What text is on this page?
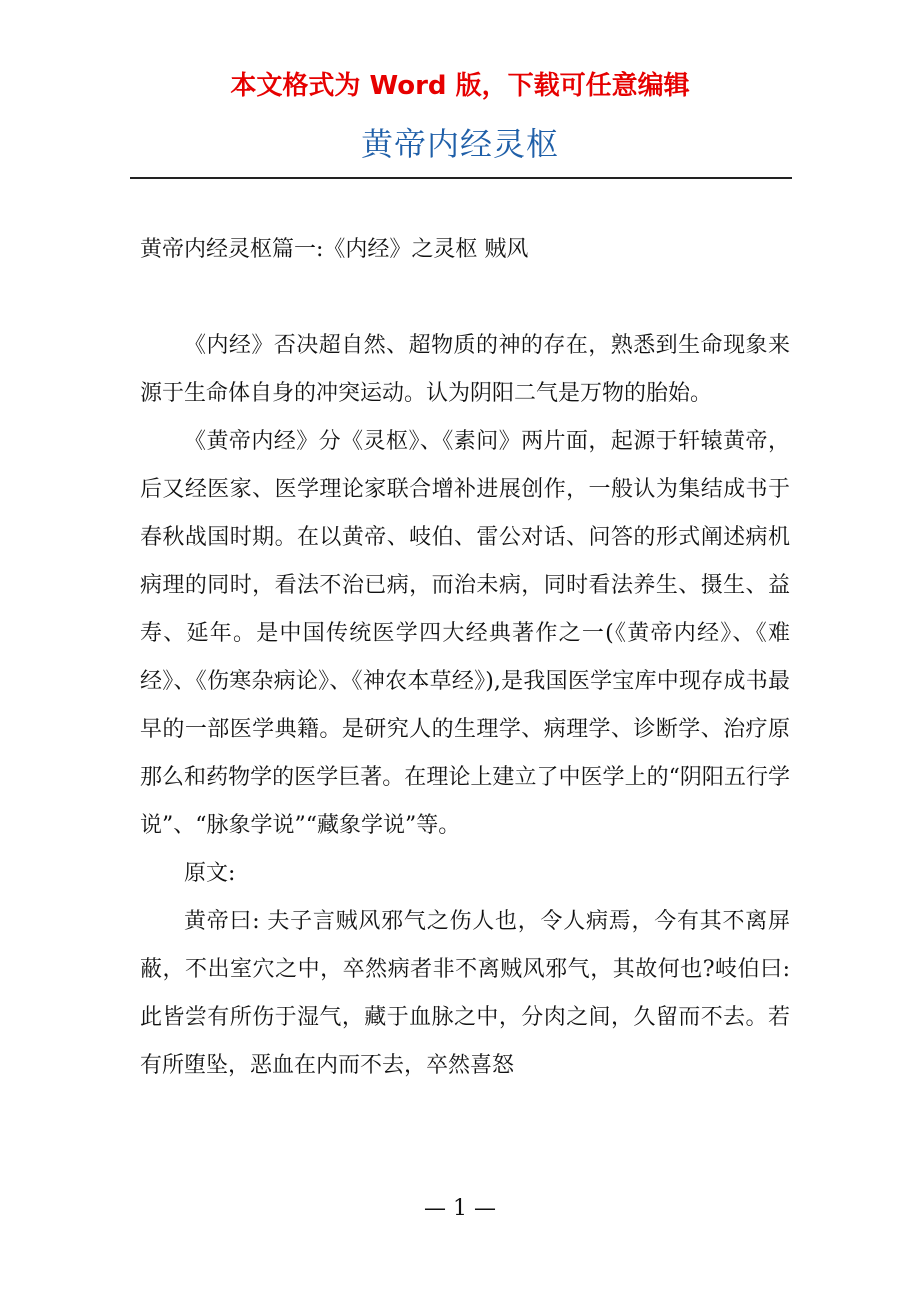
本文格式为 Word 版，下载可任意编辑
黄帝内经灵枢
黄帝内经灵枢篇一:《内经》之灵枢 贼风

《内经》否决超自然、超物质的神的存在，熟悉到生命现象来源于生命体自身的冲突运动。认为阴阳二气是万物的胎始。

《黄帝内经》分《灵枢》、《素问》两片面，起源于轩辕黄帝，后又经医家、医学理论家联合增补进展创作，一般认为集结成书于春秋战国时期。在以黄帝、岐伯、雷公对话、问答的形式阐述病机病理的同时，看法不治已病，而治未病，同时看法养生、摄生、益寿、延年。是中国传统医学四大经典著作之一(《黄帝内经》、《难经》、《伤寒杂病论》、《神农本草经》),是我国医学宝库中现存成书最早的一部医学典籍。是研究人的生理学、病理学、诊断学、治疗原那么和药物学的医学巨著。在理论上建立了中医学上的“阴阳五行学说”、“脉象学说”“藏象学说”等。

原文:

黄帝曰: 夫子言贼风邪气之伤人也，令人病焉，今有其不离屏蔽，不出室穴之中，卒然病者非不离贼风邪气，其故何也?岐伯曰: 此皆尝有所伤于湿气，藏于血脉之中，分肉之间，久留而不去。若有所堕坠，恶血在内而不去，卒然喜怒

— 1 —
